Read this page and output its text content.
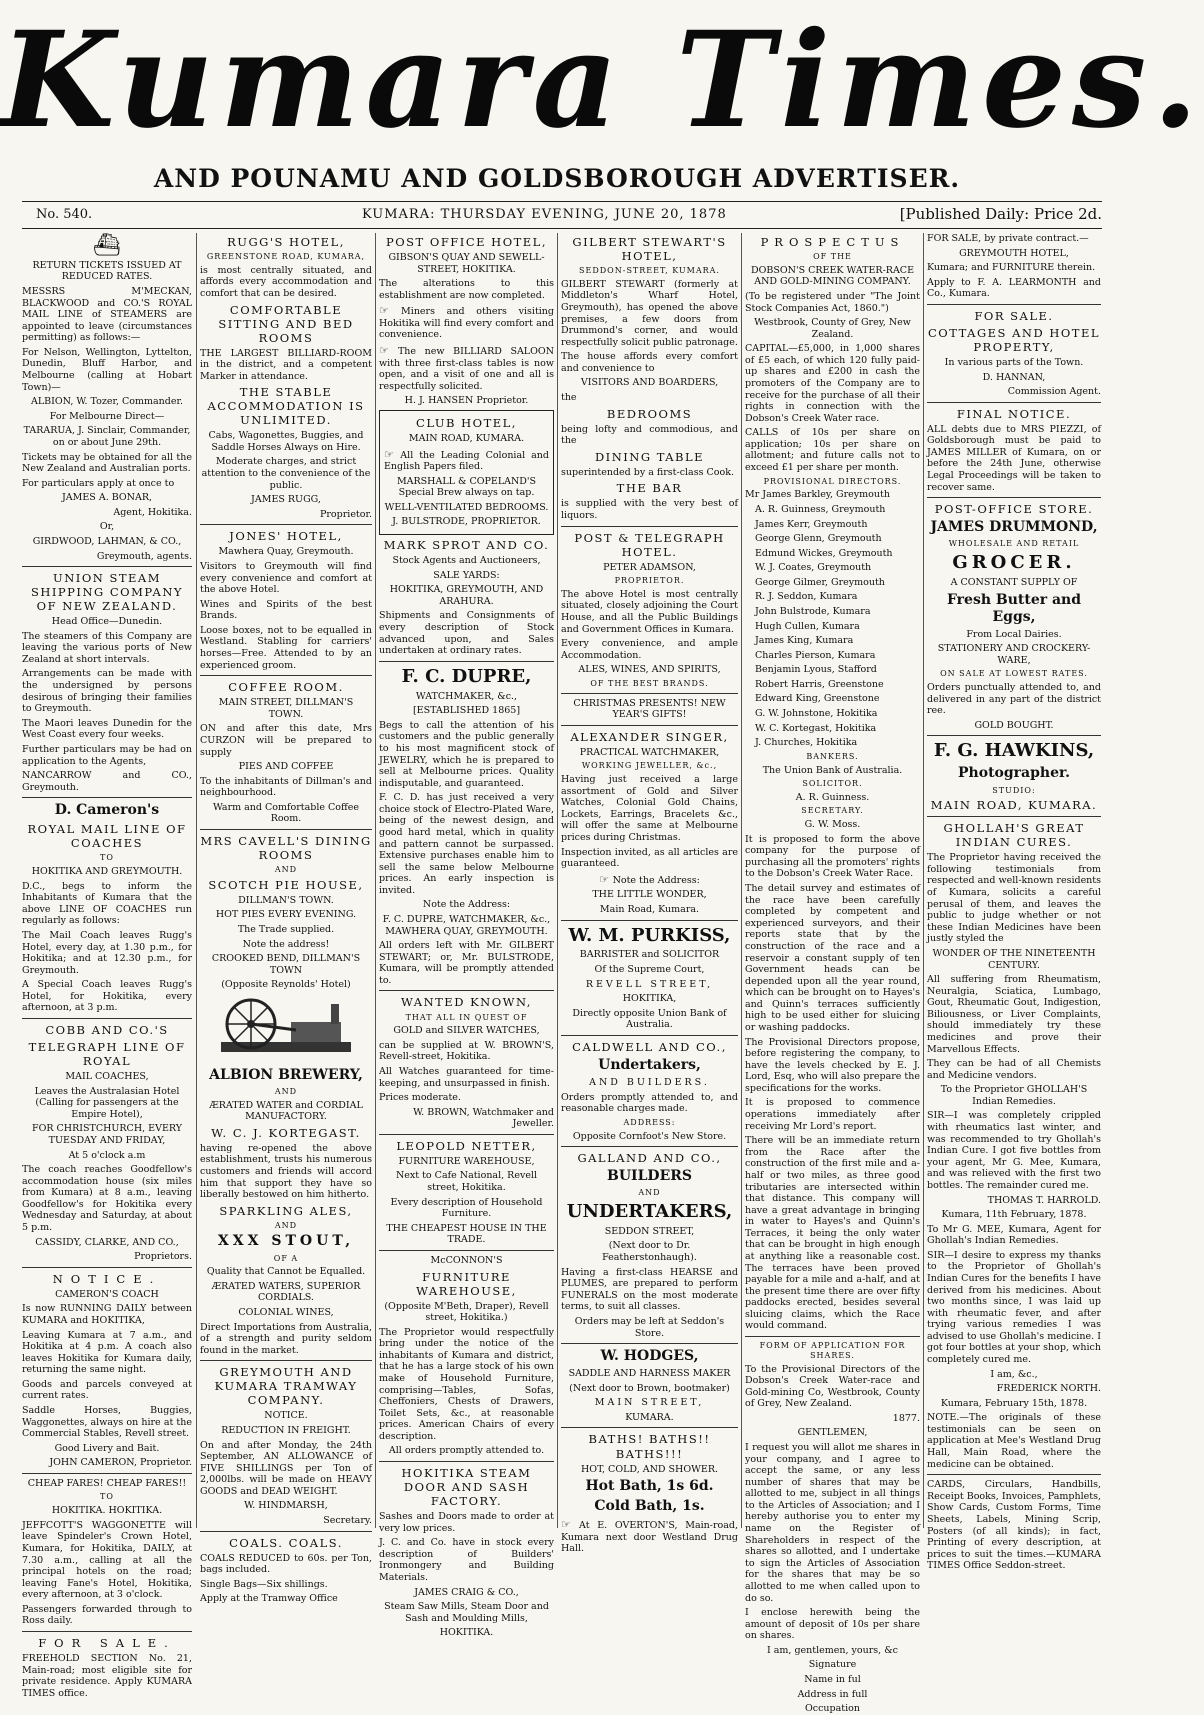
Kumara Times.
AND POUNAMU AND GOLDSBOROUGH ADVERTISER.
No. 540.	KUMARA: THURSDAY EVENING, JUNE 20, 1878	[Published Daily: Price 2d.
⛴

RETURN TICKETS ISSUED AT REDUCED RATES.

MESSRS M'MECKAN, BLACKWOOD and CO.'S ROYAL MAIL LINE of STEAMERS are appointed to leave (circumstances permitting) as follows:—

For Nelson, Wellington, Lyttelton, Dunedin, Bluff Harbor, and Melbourne (calling at Hobart Town)—

ALBION, W. Tozer, Commander.

For Melbourne Direct—

TARARUA, J. Sinclair, Commander, on or about June 29th.

Tickets may be obtained for all the New Zealand and Australian ports.

For particulars apply at once to

JAMES A. BONAR,

Agent, Hokitika.

Or,

GIRDWOOD, LAHMAN, & CO.,

Greymouth, agents.

UNION STEAM SHIPPING COMPANY OF NEW ZEALAND.

Head Office—Dunedin.

The steamers of this Company are leaving the various ports of New Zealand at short intervals.

Arrangements can be made with the undersigned by persons desirous of bringing their families to Greymouth.

The Maori leaves Dunedin for the West Coast every four weeks.

Further particulars may be had on application to the Agents,

NANCARROW and CO., Greymouth.

D. Cameron's

ROYAL MAIL LINE OF COACHES

TO

HOKITIKA AND GREYMOUTH.

D.C., begs to inform the Inhabitants of Kumara that the above LINE OF COACHES run regularly as follows:

The Mail Coach leaves Rugg's Hotel, every day, at 1.30 p.m., for Hokitika; and at 12.30 p.m., for Greymouth.

A Special Coach leaves Rugg's Hotel, for Hokitika, every afternoon, at 3 p.m.

COBB AND CO.'S

TELEGRAPH LINE OF ROYAL

MAIL COACHES,

Leaves the Australasian Hotel (Calling for passengers at the Empire Hotel),

FOR CHRISTCHURCH, EVERY TUESDAY AND FRIDAY,

At 5 o'clock a.m

The coach reaches Goodfellow's accommodation house (six miles from Kumara) at 8 a.m., leaving Goodfellow's for Hokitika every Wednesday and Saturday, at about 5 p.m.

CASSIDY, CLARKE, AND CO.,

Proprietors.

NOTICE.

CAMERON'S COACH

Is now RUNNING DAILY between KUMARA and HOKITIKA,

Leaving Kumara at 7 a.m., and Hokitika at 4 p.m. A coach also leaves Hokitika for Kumara daily, returning the same night.

Goods and parcels conveyed at current rates.

Saddle Horses, Buggies, Waggonettes, always on hire at the Commercial Stables, Revell street.

Good Livery and Bait.

JOHN CAMERON, Proprietor.

CHEAP FARES! CHEAP FARES!!

TO

HOKITIKA. HOKITIKA.

JEFFCOTT'S WAGGONETTE will leave Spindeler's Crown Hotel, Kumara, for Hokitika, DAILY, at 7.30 a.m., calling at all the principal hotels on the road; leaving Fane's Hotel, Hokitika, every afternoon, at 3 o'clock.

Passengers forwarded through to Ross daily.

FOR SALE.

FREEHOLD SECTION No. 21, Main-road; most eligible site for private residence. Apply KUMARA TIMES office.

RUGG'S HOTEL,

GREENSTONE ROAD, KUMARA,

is most centrally situated, and affords every accommodation and comfort that can be desired.

COMFORTABLE SITTING AND BED ROOMS

THE LARGEST BILLIARD-ROOM in the district, and a competent Marker in attendance.

THE STABLE ACCOMMODATION IS UNLIMITED.

Cabs, Wagonettes, Buggies, and Saddle Horses Always on Hire.

Moderate charges, and strict attention to the convenience of the public.

JAMES RUGG,

Proprietor.

JONES' HOTEL,

Mawhera Quay, Greymouth.

Visitors to Greymouth will find every convenience and comfort at the above Hotel.

Wines and Spirits of the best Brands.

Loose boxes, not to be equalled in Westland. Stabling for carriers' horses—Free. Attended to by an experienced groom.

COFFEE ROOM.

MAIN STREET, DILLMAN'S TOWN.

ON and after this date, Mrs CURZON will be prepared to supply

PIES AND COFFEE

To the inhabitants of Dillman's and neighbourhood.

Warm and Comfortable Coffee Room.

MRS CAVELL'S DINING ROOMS

AND

SCOTCH PIE HOUSE,

DILLMAN'S TOWN.

HOT PIES EVERY EVENING.

The Trade supplied.

Note the address!

CROOKED BEND, DILLMAN'S TOWN

(Opposite Reynolds' Hotel)

ALBION BREWERY,

AND

ÆRATED WATER and CORDIAL MANUFACTORY.

W. C. J. KORTEGAST.

having re-opened the above establishment, trusts his numerous customers and friends will accord him that support they have so liberally bestowed on him hitherto.

SPARKLING ALES,

AND

XXX STOUT,

OF A

Quality that Cannot be Equalled.

ÆRATED WATERS, SUPERIOR CORDIALS.

COLONIAL WINES,

Direct Importations from Australia, of a strength and purity seldom found in the market.

GREYMOUTH AND KUMARA TRAMWAY COMPANY.

NOTICE.

REDUCTION IN FREIGHT.

On and after Monday, the 24th September, AN ALLOWANCE of FIVE SHILLINGS per Ton of 2,000lbs. will be made on HEAVY GOODS and DEAD WEIGHT.

W. HINDMARSH,

Secretary.

COALS. COALS.

COALS REDUCED to 60s. per Ton, bags included.

Single Bags—Six shillings.

Apply at the Tramway Office

POST OFFICE HOTEL,

GIBSON'S QUAY AND SEWELL-STREET, HOKITIKA.

The alterations to this establishment are now completed.

☞ Miners and others visiting Hokitika will find every comfort and convenience.

☞ The new BILLIARD SALOON with three first-class tables is now open, and a visit of one and all is respectfully solicited.

H. J. HANSEN Proprietor.

CLUB HOTEL,

MAIN ROAD, KUMARA.

☞ All the Leading Colonial and English Papers filed.

MARSHALL & COPELAND'S Special Brew always on tap.

WELL-VENTILATED BEDROOMS.

J. BULSTRODE, PROPRIETOR.

MARK SPROT AND CO.

Stock Agents and Auctioneers,

SALE YARDS:

HOKITIKA, GREYMOUTH, AND ARAHURA.

Shipments and Consignments of every description of Stock advanced upon, and Sales undertaken at ordinary rates.

F. C. DUPRE,

WATCHMAKER, &c.,

[ESTABLISHED 1865]

Begs to call the attention of his customers and the public generally to his most magnificent stock of JEWELRY, which he is prepared to sell at Melbourne prices. Quality indisputable, and guaranteed.

F. C. D. has just received a very choice stock of Electro-Plated Ware, being of the newest design, and good hard metal, which in quality and pattern cannot be surpassed. Extensive purchases enable him to sell the same below Melbourne prices. An early inspection is invited.

Note the Address:

F. C. DUPRE, WATCHMAKER, &c., MAWHERA QUAY, GREYMOUTH.

All orders left with Mr. GILBERT STEWART; or, Mr. BULSTRODE, Kumara, will be promptly attended to.

WANTED KNOWN,

THAT ALL IN QUEST OF

GOLD and SILVER WATCHES,

can be supplied at W. BROWN'S, Revell-street, Hokitika.

All Watches guaranteed for time-keeping, and unsurpassed in finish.

Prices moderate.

W. BROWN, Watchmaker and Jeweller.

LEOPOLD NETTER,

FURNITURE WAREHOUSE,

Next to Cafe National, Revell street, Hokitika.

Every description of Household Furniture.

THE CHEAPEST HOUSE IN THE TRADE.

McCONNON'S

FURNITURE WAREHOUSE,

(Opposite M'Beth, Draper), Revell street, Hokitika.)

The Proprietor would respectfully bring under the notice of the inhabitants of Kumara and district, that he has a large stock of his own make of Household Furniture, comprising—Tables, Sofas, Cheffoniers, Chests of Drawers, Toilet Sets, &c., at reasonable prices. American Chairs of every description.

All orders promptly attended to.

HOKITIKA STEAM DOOR AND SASH FACTORY.

Sashes and Doors made to order at very low prices.

J. C. and Co. have in stock every description of Builders' Ironmongery and Building Materials.

JAMES CRAIG & CO.,

Steam Saw Mills, Steam Door and Sash and Moulding Mills,

HOKITIKA.

GILBERT STEWART'S HOTEL,

SEDDON-STREET, KUMARA.

GILBERT STEWART (formerly at Middleton's Wharf Hotel, Greymouth), has opened the above premises, a few doors from Drummond's corner, and would respectfully solicit public patronage.

The house affords every comfort and convenience to

VISITORS AND BOARDERS,

the

BEDROOMS

being lofty and commodious, and the

DINING TABLE

superintended by a first-class Cook.

THE BAR

is supplied with the very best of liquors.

POST & TELEGRAPH HOTEL.

PETER ADAMSON,

PROPRIETOR.

The above Hotel is most centrally situated, closely adjoining the Court House, and all the Public Buildings and Government Offices in Kumara.

Every convenience, and ample Accommodation.

ALES, WINES, AND SPIRITS,

OF THE BEST BRANDS.

CHRISTMAS PRESENTS! NEW YEAR'S GIFTS!

ALEXANDER SINGER,

PRACTICAL WATCHMAKER,

WORKING JEWELLER, &c.,

Having just received a large assortment of Gold and Silver Watches, Colonial Gold Chains, Lockets, Earrings, Bracelets &c., will offer the same at Melbourne prices during Christmas.

Inspection invited, as all articles are guaranteed.

☞ Note the Address:

THE LITTLE WONDER,

Main Road, Kumara.

W. M. PURKISS,

BARRISTER and SOLICITOR

Of the Supreme Court,

REVELL STREET,

HOKITIKA,

Directly opposite Union Bank of Australia.

CALDWELL AND CO.,

Undertakers,

AND BUILDERS.

Orders promptly attended to, and reasonable charges made.

ADDRESS:

Opposite Cornfoot's New Store.

GALLAND AND CO.,

BUILDERS

AND

UNDERTAKERS,

SEDDON STREET,

(Next door to Dr. Featherstonhaugh).

Having a first-class HEARSE and PLUMES, are prepared to perform FUNERALS on the most moderate terms, to suit all classes.

Orders may be left at Seddon's Store.

W. HODGES,

SADDLE AND HARNESS MAKER

(Next door to Brown, bootmaker)

MAIN STREET,

KUMARA.

BATHS! BATHS!! BATHS!!!

HOT, COLD, AND SHOWER.

Hot Bath, 1s 6d.

Cold Bath, 1s.

☞ At E. OVERTON'S, Main-road, Kumara next door Westland Drug Hall.

PROSPECTUS

OF THE

DOBSON'S CREEK WATER-RACE AND GOLD-MINING COMPANY.

(To be registered under "The Joint Stock Companies Act, 1860.")

Westbrook, County of Grey, New Zealand.

CAPITAL—£5,000, in 1,000 shares of £5 each, of which 120 fully paid-up shares and £200 in cash the promoters of the Company are to receive for the purchase of all their rights in connection with the Dobson's Creek Water race.

CALLS of 10s per share on application; 10s per share on allotment; and future calls not to exceed £1 per share per month.

PROVISIONAL DIRECTORS.

Mr James Barkley, Greymouth

A. R. Guinness, Greymouth

James Kerr, Greymouth

George Glenn, Greymouth

Edmund Wickes, Greymouth

W. J. Coates, Greymouth

George Gilmer, Greymouth

R. J. Seddon, Kumara

John Bulstrode, Kumara

Hugh Cullen, Kumara

James King, Kumara

Charles Pierson, Kumara

Benjamin Lyous, Stafford

Robert Harris, Greenstone

Edward King, Greenstone

G. W. Johnstone, Hokitika

W. C. Kortegast, Hokitika

J. Churches, Hokitika

BANKERS.

The Union Bank of Australia.

SOLICITOR.

A. R. Guinness.

SECRETARY.

G. W. Moss.

It is proposed to form the above company for the purpose of purchasing all the promoters' rights to the Dobson's Creek Water Race.

The detail survey and estimates of the race have been carefully completed by competent and experienced surveyors, and their reports state that by the construction of the race and a reservoir a constant supply of ten Government heads can be depended upon all the year round, which can be brought on to Hayes's and Quinn's terraces sufficiently high to be used either for sluicing or washing paddocks.

The Provisional Directors propose, before registering the company, to have the levels checked by E. J. Lord, Esq, who will also prepare the specifications for the works.

It is proposed to commence operations immediately after receiving Mr Lord's report.

There will be an immediate return from the Race after the construction of the first mile and a-half or two miles, as three good tributaries are intersected within that distance. This company will have a great advantage in bringing in water to Hayes's and Quinn's Terraces, it being the only water that can be brought in high enough at anything like a reasonable cost. The terraces have been proved payable for a mile and a-half, and at the present time there are over fifty paddocks erected, besides several sluicing claims, which the Race would command.

FORM OF APPLICATION FOR SHARES.

To the Provisional Directors of the Dobson's Creek Water-race and Gold-mining Co, Westbrook, County of Grey, New Zealand.

1877.

GENTLEMEN,

I request you will allot me shares in your company, and I agree to accept the same, or any less number of shares that may be allotted to me, subject in all things to the Articles of Association; and I hereby authorise you to enter my name on the Register of Shareholders in respect of the shares so allotted, and I undertake to sign the Articles of Association for the shares that may be so allotted to me when called upon to do so.

I enclose herewith being the amount of deposit of 10s per share on shares.

I am, gentlemen, yours, &c

Signature

Name in ful

Address in full

Occupation

FOR SALE, by private contract.—

GREYMOUTH HOTEL,

Kumara; and FURNITURE therein.

Apply to F. A. LEARMONTH and Co., Kumara.

FOR SALE.

COTTAGES AND HOTEL PROPERTY,

In various parts of the Town.

D. HANNAN,

Commission Agent.

FINAL NOTICE.

ALL debts due to MRS PIEZZI, of Goldsborough must be paid to JAMES MILLER of Kumara, on or before the 24th June, otherwise Legal Proceedings will be taken to recover same.

POST-OFFICE STORE.

JAMES DRUMMOND,

WHOLESALE AND RETAIL

GROCER.

A CONSTANT SUPPLY OF

Fresh Butter and Eggs,

From Local Dairies.

STATIONERY AND CROCKERY-WARE,

ON SALE AT LOWEST RATES.

Orders punctually attended to, and delivered in any part of the district ree.

GOLD BOUGHT.

F. G. HAWKINS,

Photographer.

STUDIO:

MAIN ROAD, KUMARA.

GHOLLAH'S GREAT INDIAN CURES.

The Proprietor having received the following testimonials from respected and well-known residents of Kumara, solicits a careful perusal of them, and leaves the public to judge whether or not these Indian Medicines have been justly styled the

WONDER OF THE NINETEENTH CENTURY.

All suffering from Rheumatism, Neuralgia, Sciatica, Lumbago, Gout, Rheumatic Gout, Indigestion, Biliousness, or Liver Complaints, should immediately try these medicines and prove their Marvellous Effects.

They can be had of all Chemists and Medicine vendors.

To the Proprietor GHOLLAH'S Indian Remedies.

SIR—I was completely crippled with rheumatics last winter, and was recommended to try Ghollah's Indian Cure. I got five bottles from your agent, Mr G. Mee, Kumara, and was relieved with the first two bottles. The remainder cured me.

THOMAS T. HARROLD.

Kumara, 11th February, 1878.

To Mr G. MEE, Kumara, Agent for Ghollah's Indian Remedies.

SIR—I desire to express my thanks to the Proprietor of Ghollah's Indian Cures for the benefits I have derived from his medicines. About two months since, I was laid up with rheumatic fever, and after trying various remedies I was advised to use Ghollah's medicine. I got four bottles at your shop, which completely cured me.

I am, &c.,

FREDERICK NORTH.

Kumara, February 15th, 1878.

NOTE.—The originals of these testimonials can be seen on application at Mee's Westland Drug Hall, Main Road, where the medicine can be obtained.

CARDS, Circulars, Handbills, Receipt Books, Invoices, Pamphlets, Show Cards, Custom Forms, Time Sheets, Labels, Mining Scrip, Posters (of all kinds); in fact, Printing of every description, at prices to suit the times.—KUMARA TIMES Office Seddon-street.
